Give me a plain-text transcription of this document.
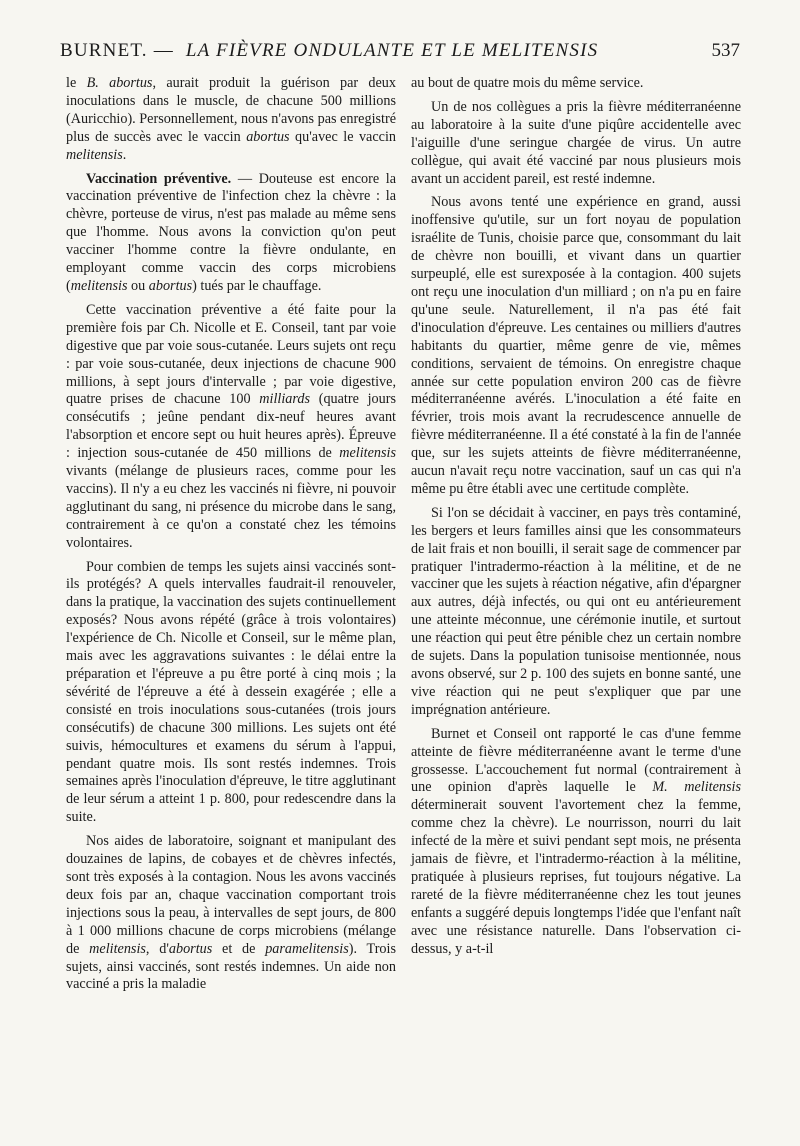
BURNET. — LA FIÈVRE ONDULANTE ET LE MELITENSIS	537

le B. abortus, aurait produit la guérison par deux inoculations dans le muscle, de chacune 500 millions (Auricchio). Personnellement, nous n'avons pas enregistré plus de succès avec le vaccin abortus qu'avec le vaccin melitensis.

Vaccination préventive. — Douteuse est encore la vaccination préventive de l'infection chez la chèvre : la chèvre, porteuse de virus, n'est pas malade au même sens que l'homme. Nous avons la conviction qu'on peut vacciner l'homme contre la fièvre ondulante, en employant comme vaccin des corps microbiens (melitensis ou abortus) tués par le chauffage.

Cette vaccination préventive a été faite pour la première fois par Ch. Nicolle et E. Conseil, tant par voie digestive que par voie sous-cutanée. Leurs sujets ont reçu : par voie sous-cutanée, deux injections de chacune 900 millions, à sept jours d'intervalle ; par voie digestive, quatre prises de chacune 100 milliards (quatre jours consécutifs ; jeûne pendant dix-neuf heures avant l'absorption et encore sept ou huit heures après). Épreuve : injection sous-cutanée de 450 millions de melitensis vivants (mélange de plusieurs races, comme pour les vaccins). Il n'y a eu chez les vaccinés ni fièvre, ni pouvoir agglutinant du sang, ni présence du microbe dans le sang, contrairement à ce qu'on a constaté chez les témoins volontaires.

Pour combien de temps les sujets ainsi vaccinés sont-ils protégés? A quels intervalles faudrait-il renouveler, dans la pratique, la vaccination des sujets continuellement exposés? Nous avons répété (grâce à trois volontaires) l'expérience de Ch. Nicolle et Conseil, sur le même plan, mais avec les aggravations suivantes : le délai entre la préparation et l'épreuve a pu être porté à cinq mois ; la sévérité de l'épreuve a été à dessein exagérée ; elle a consisté en trois inoculations sous-cutanées (trois jours consécutifs) de chacune 300 millions. Les sujets ont été suivis, hémocultures et examens du sérum à l'appui, pendant quatre mois. Ils sont restés indemnes. Trois semaines après l'inoculation d'épreuve, le titre agglutinant de leur sérum a atteint 1 p. 800, pour redescendre dans la suite.

Nos aides de laboratoire, soignant et manipulant des douzaines de lapins, de cobayes et de chèvres infectés, sont très exposés à la contagion. Nous les avons vaccinés deux fois par an, chaque vaccination comportant trois injections sous la peau, à intervalles de sept jours, de 800 à 1 000 millions chacune de corps microbiens (mélange de melitensis, d'abortus et de paramelitensis). Trois sujets, ainsi vaccinés, sont restés indemnes. Un aide non vacciné a pris la maladie

au bout de quatre mois du même service.

Un de nos collègues a pris la fièvre méditerranéenne au laboratoire à la suite d'une piqûre accidentelle avec l'aiguille d'une seringue chargée de virus. Un autre collègue, qui avait été vacciné par nous plusieurs mois avant un accident pareil, est resté indemne.

Nous avons tenté une expérience en grand, aussi inoffensive qu'utile, sur un fort noyau de population israélite de Tunis, choisie parce que, consommant du lait de chèvre non bouilli, et vivant dans un quartier surpeuplé, elle est surexposée à la contagion. 400 sujets ont reçu une inoculation d'un milliard ; on n'a pu en faire qu'une seule. Naturellement, il n'a pas été fait d'inoculation d'épreuve. Les centaines ou milliers d'autres habitants du quartier, même genre de vie, mêmes conditions, servaient de témoins. On enregistre chaque année sur cette population environ 200 cas de fièvre méditerranéenne avérés. L'inoculation a été faite en février, trois mois avant la recrudescence annuelle de fièvre méditerranéenne. Il a été constaté à la fin de l'année que, sur les sujets atteints de fièvre méditerranéenne, aucun n'avait reçu notre vaccination, sauf un cas qui n'a même pu être établi avec une certitude complète.

Si l'on se décidait à vacciner, en pays très contaminé, les bergers et leurs familles ainsi que les consommateurs de lait frais et non bouilli, il serait sage de commencer par pratiquer l'intradermo-réaction à la mélitine, et de ne vacciner que les sujets à réaction négative, afin d'épargner aux autres, déjà infectés, ou qui ont eu antérieurement une atteinte méconnue, une cérémonie inutile, et surtout une réaction qui peut être pénible chez un certain nombre de sujets. Dans la population tunisoise mentionnée, nous avons observé, sur 2 p. 100 des sujets en bonne santé, une vive réaction qui ne peut s'expliquer que par une imprégnation antérieure.

Burnet et Conseil ont rapporté le cas d'une femme atteinte de fièvre méditerranéenne avant le terme d'une grossesse. L'accouchement fut normal (contrairement à une opinion d'après laquelle le M. melitensis déterminerait souvent l'avortement chez la femme, comme chez la chèvre). Le nourrisson, nourri du lait infecté de la mère et suivi pendant sept mois, ne présenta jamais de fièvre, et l'intradermo-réaction à la mélitine, pratiquée à plusieurs reprises, fut toujours négative. La rareté de la fièvre méditerranéenne chez les tout jeunes enfants a suggéré depuis longtemps l'idée que l'enfant naît avec une résistance naturelle. Dans l'observation ci-dessus, y a-t-il
